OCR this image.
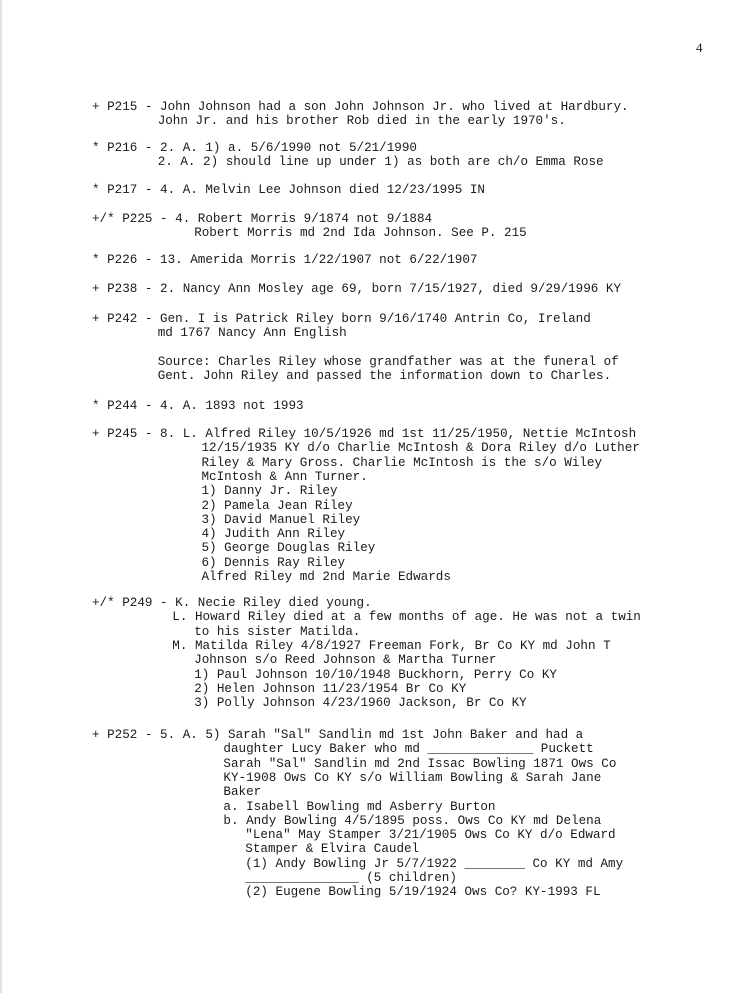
4
+ P215 - John Johnson had a son John Johnson Jr. who lived at Hardbury.
John Jr. and his brother Rob died in the early 1970's.
* P216 - 2. A. 1) a. 5/6/1990 not 5/21/1990
2. A. 2) should line up under 1) as both are ch/o Emma Rose
* P217 - 4. A. Melvin Lee Johnson died 12/23/1995 IN
+/* P225 - 4. Robert Morris 9/1874 not 9/1884
Robert Morris md 2nd Ida Johnson. See P. 215
* P226 - 13. Amerida Morris 1/22/1907 not 6/22/1907
+ P238 - 2. Nancy Ann Mosley age 69, born 7/15/1927, died 9/29/1996 KY
+ P242 - Gen. I is Patrick Riley born 9/16/1740 Antrin Co, Ireland
md 1767 Nancy Ann English
Source: Charles Riley whose grandfather was at the funeral of
Gent. John Riley and passed the information down to Charles.
* P244 - 4. A. 1893 not 1993
+ P245 - 8. L. Alfred Riley 10/5/1926 md 1st 11/25/1950, Nettie McIntosh
12/15/1935 KY d/o Charlie McIntosh & Dora Riley d/o Luther
Riley & Mary Gross. Charlie McIntosh is the s/o Wiley
McIntosh & Ann Turner.
1) Danny Jr. Riley
2) Pamela Jean Riley
3) David Manuel Riley
4) Judith Ann Riley
5) George Douglas Riley
6) Dennis Ray Riley
Alfred Riley md 2nd Marie Edwards
+/* P249 - K. Necie Riley died young.
L. Howard Riley died at a few months of age. He was not a twin
to his sister Matilda.
M. Matilda Riley 4/8/1927 Freeman Fork, Br Co KY md John T
Johnson s/o Reed Johnson & Martha Turner
1) Paul Johnson 10/10/1948 Buckhorn, Perry Co KY
2) Helen Johnson 11/23/1954 Br Co KY
3) Polly Johnson 4/23/1960 Jackson, Br Co KY
+ P252 - 5. A. 5) Sarah "Sal" Sandlin md 1st John Baker and had a
daughter Lucy Baker who md ______________ Puckett
Sarah "Sal" Sandlin md 2nd Issac Bowling 1871 Ows Co
KY-1908 Ows Co KY s/o William Bowling & Sarah Jane
Baker
a. Isabell Bowling md Asberry Burton
b. Andy Bowling 4/5/1895 poss. Ows Co KY md Delena
"Lena" May Stamper 3/21/1905 Ows Co KY d/o Edward
Stamper & Elvira Caudel
(1) Andy Bowling Jr 5/7/1922 ________ Co KY md Amy
_______________ (5 children)
(2) Eugene Bowling 5/19/1924 Ows Co? KY-1993 FL
